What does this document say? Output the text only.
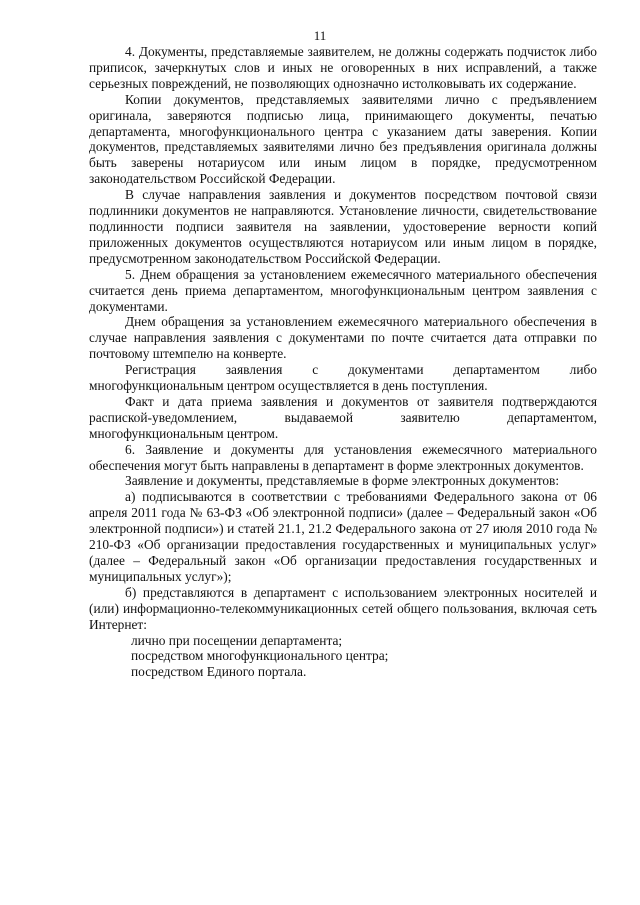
11

4. Документы, представляемые заявителем, не должны содержать подчисток либо приписок, зачеркнутых слов и иных не оговоренных в них исправлений, а также серьезных повреждений, не позволяющих однозначно истолковывать их содержание.

Копии документов, представляемых заявителями лично с предъявлением оригинала, заверяются подписью лица, принимающего документы, печатью департамента, многофункционального центра с указанием даты заверения. Копии документов, представляемых заявителями лично без предъявления оригинала должны быть заверены нотариусом или иным лицом в порядке, предусмотренном законодательством Российской Федерации.

В случае направления заявления и документов посредством почтовой связи подлинники документов не направляются. Установление личности, свидетельствование подлинности подписи заявителя на заявлении, удостоверение верности копий приложенных документов осуществляются нотариусом или иным лицом в порядке, предусмотренном законодательством Российской Федерации.

5. Днем обращения за установлением ежемесячного материального обеспечения считается день приема департаментом, многофункциональным центром заявления с документами.

Днем обращения за установлением ежемесячного материального обеспечения в случае направления заявления с документами по почте считается дата отправки по почтовому штемпелю на конверте.

Регистрация заявления с документами департаментом либо многофункциональным центром осуществляется в день поступления.

Факт и дата приема заявления и документов от заявителя подтверждаются распиской-уведомлением, выдаваемой заявителю департаментом, многофункциональным центром.

6. Заявление и документы для установления ежемесячного материального обеспечения могут быть направлены в департамент в форме электронных документов.

Заявление и документы, представляемые в форме электронных документов:

а) подписываются в соответствии с требованиями Федерального закона от 06 апреля 2011 года № 63-ФЗ «Об электронной подписи» (далее – Федеральный закон «Об электронной подписи») и статей 21.1, 21.2 Федерального закона от 27 июля 2010 года № 210-ФЗ «Об организации предоставления государственных и муниципальных услуг» (далее – Федеральный закон «Об организации предоставления государственных и муниципальных услуг»);

б) представляются в департамент с использованием электронных носителей и (или) информационно-телекоммуникационных сетей общего пользования, включая сеть Интернет:

лично при посещении департамента;

посредством многофункционального центра;

посредством Единого портала.
